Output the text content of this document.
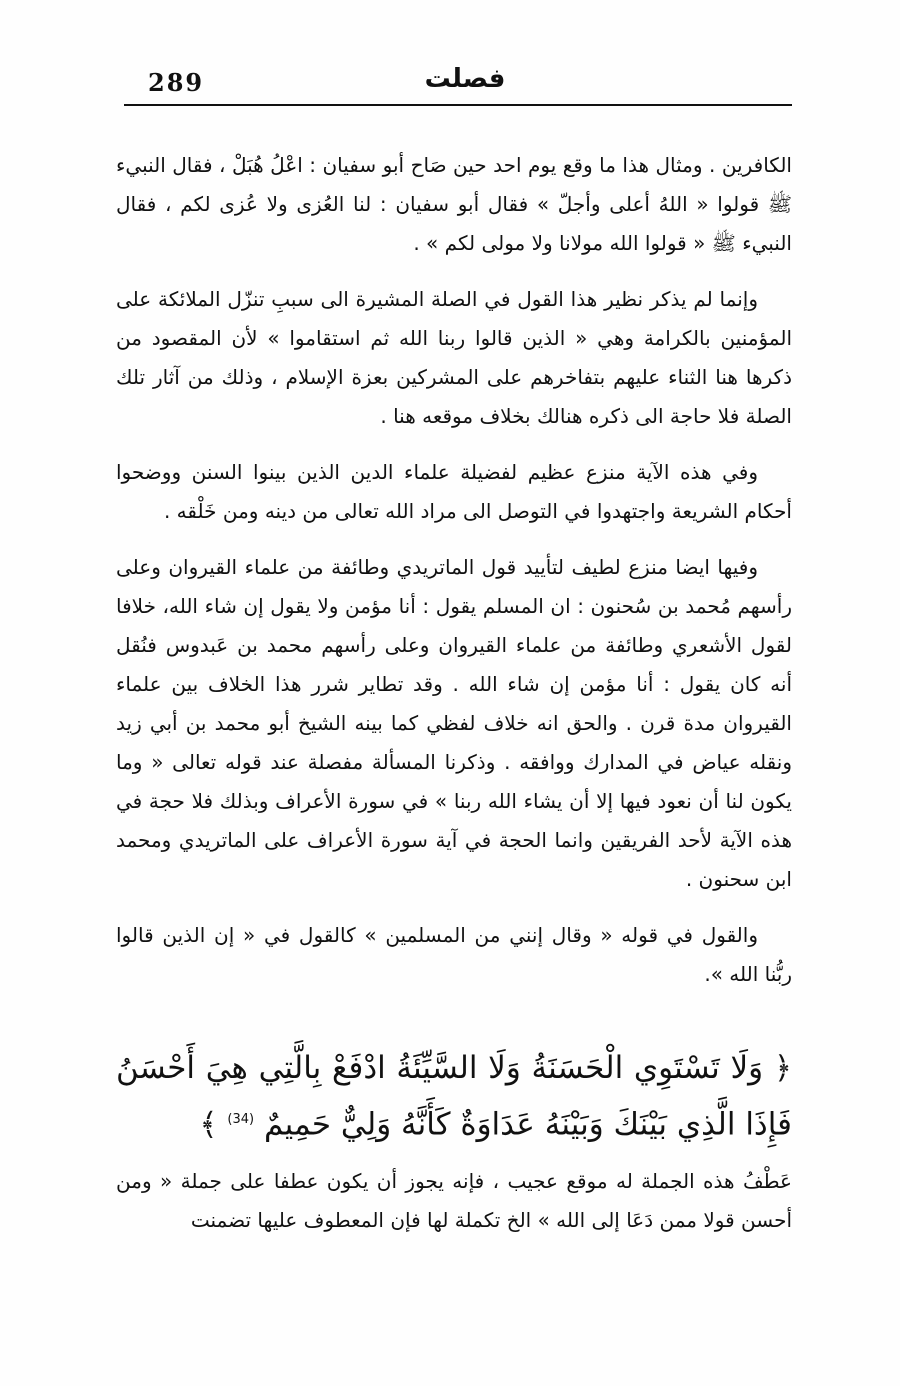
289	فصلت

الكافرين . ومثال هذا ما وقع يوم احد حين صَاح أبو سفيان : اعْلُ هُبَلْ ، فقال النبيء ﷺ قولوا « اللهُ أعلى وأجلّ » فقال أبو سفيان : لنا العُزى ولا عُزى لكم ، فقال النبيء ﷺ « قولوا الله مولانا ولا مولى لكم » .

وإنما لم يذكر نظير هذا القول في الصلة المشيرة الى سببِ تنزّل الملائكة على المؤمنين بالكرامة وهي « الذين قالوا ربنا الله ثم استقاموا » لأن المقصود من ذكرها هنا الثناء عليهم بتفاخرهم على المشركين بعزة الإسلام ، وذلك من آثار تلك الصلة فلا حاجة الى ذكره هنالك بخلاف موقعه هنا .

وفي هذه الآية منزع عظيم لفضيلة علماء الدين الذين بينوا السنن ووضحوا أحكام الشريعة واجتهدوا في التوصل الى مراد الله تعالى من دينه ومن خَلْقه .

وفيها ايضا منزع لطيف لتأييد قول الماتريدي وطائفة من علماء القيروان وعلى رأسهم مُحمد بن سُحنون : ان المسلم يقول : أنا مؤمن ولا يقول إن شاء الله، خلافا لقول الأشعري وطائفة من علماء القيروان وعلى رأسهم محمد بن عَبدوس فنُقل أنه كان يقول : أنا مؤمن إن شاء الله . وقد تطاير شرر هذا الخلاف بين علماء القيروان مدة قرن . والحق انه خلاف لفظي كما بينه الشيخ أبو محمد بن أبي زيد ونقله عياض في المدارك ووافقه . وذكرنا المسألة مفصلة عند قوله تعالى « وما يكون لنا أن نعود فيها إلا أن يشاء الله ربنا » في سورة الأعراف وبذلك فلا حجة في هذه الآية لأحد الفريقين وانما الحجة في آية سورة الأعراف على الماتريدي ومحمد ابن سحنون .

والقول في قوله « وقال إنني من المسلمين » كالقول في « إن الذين قالوا ربُّنا الله ».

﴿ وَلَا تَسْتَوِي الْحَسَنَةُ وَلَا السَّيِّئَةُ ادْفَعْ بِالَّتِي هِيَ أَحْسَنُ فَإِذَا الَّذِي بَيْنَكَ وَبَيْنَهُ عَدَاوَةٌ كَأَنَّهُ وَلِيٌّ حَمِيمٌ $^{(34)}$ ﴾

عَطْفُ هذه الجملة له موقع عجيب ، فإنه يجوز أن يكون عطفا على جملة « ومن أحسن قولا ممن دَعَا إلى الله » الخ تكملة لها فإن المعطوف عليها تضمنت
